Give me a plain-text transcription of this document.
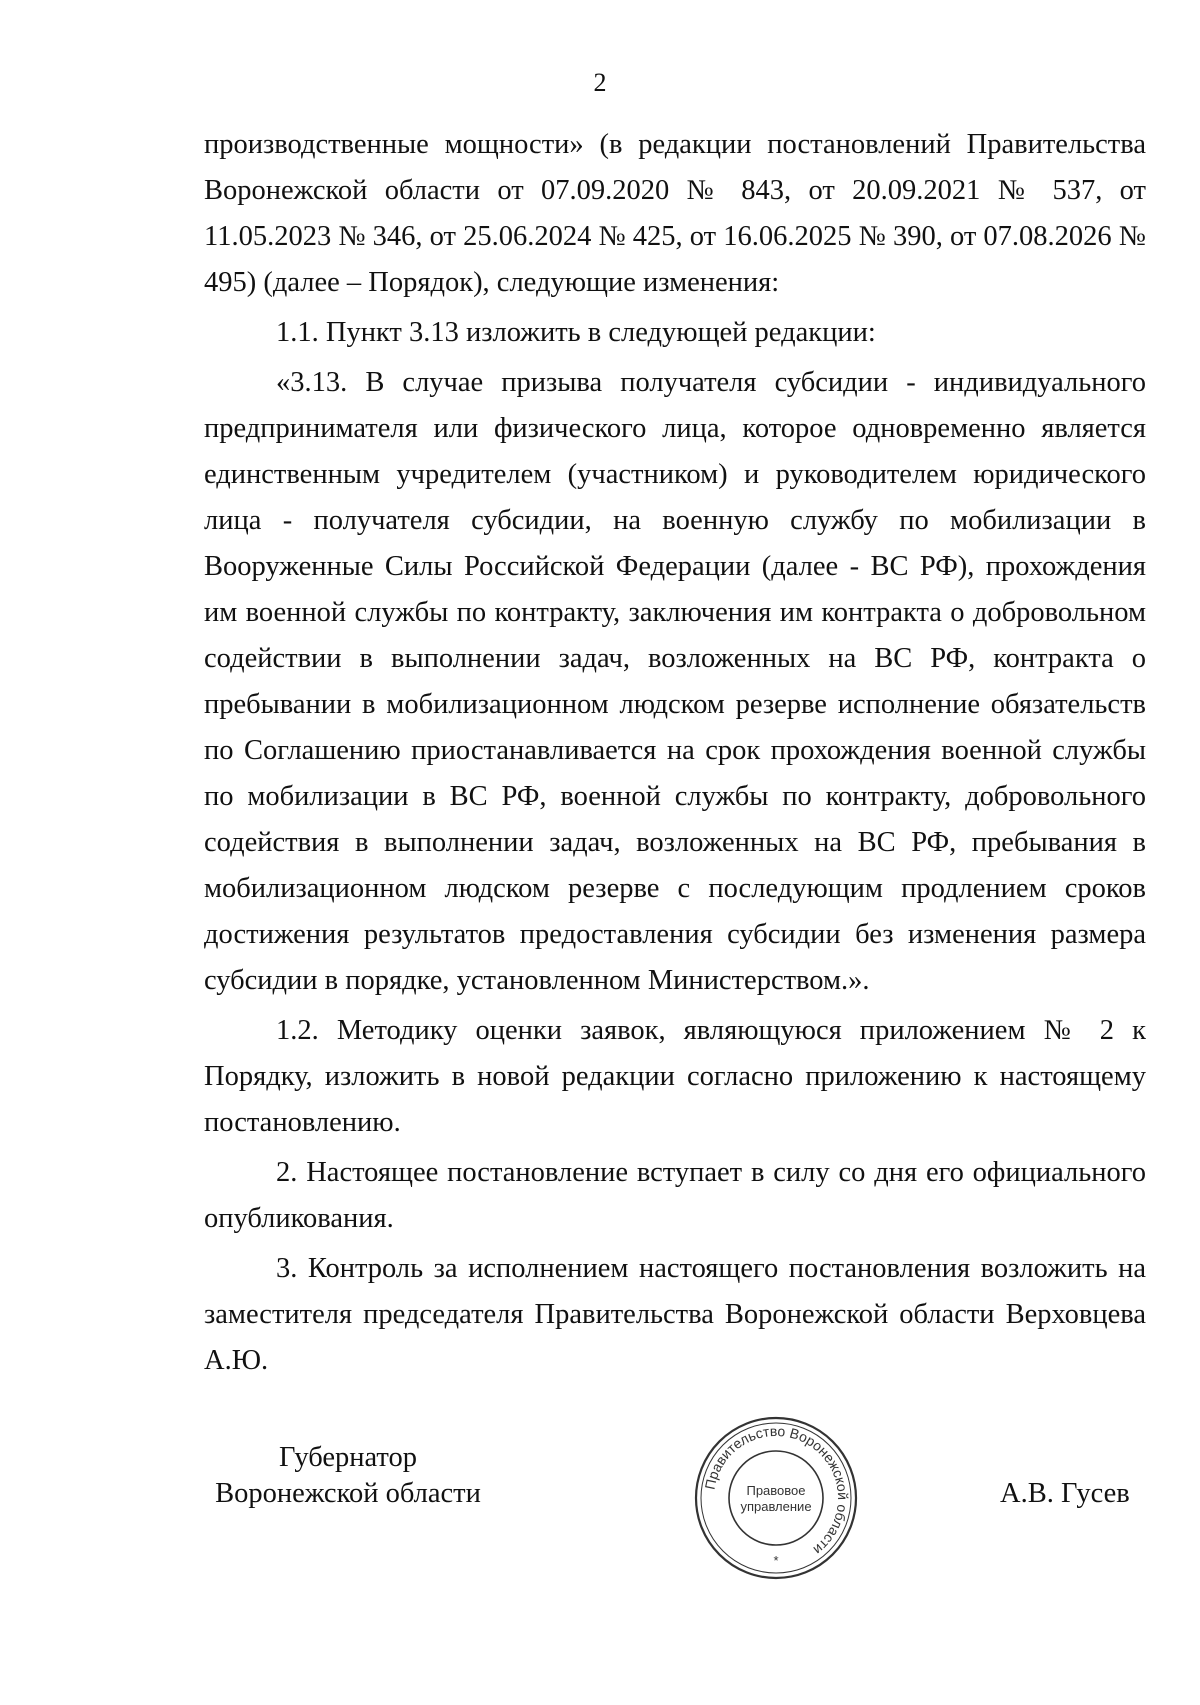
2

производственные мощности» (в редакции постановлений Правительства Воронежской области от 07.09.2020 № 843, от 20.09.2021 № 537, от 11.05.2023 № 346, от 25.06.2024 № 425, от 16.06.2025 № 390, от 07.08.2026 № 495) (далее – Порядок), следующие изменения:

1.1. Пункт 3.13 изложить в следующей редакции:

«3.13. В случае призыва получателя субсидии - индивидуального предпринимателя или физического лица, которое одновременно является единственным учредителем (участником) и руководителем юридического лица - получателя субсидии, на военную службу по мобилизации в Вооруженные Силы Российской Федерации (далее - ВС РФ), прохождения им военной службы по контракту, заключения им контракта о добровольном содействии в выполнении задач, возложенных на ВС РФ, контракта о пребывании в мобилизационном людском резерве исполнение обязательств по Соглашению приостанавливается на срок прохождения военной службы по мобилизации в ВС РФ, военной службы по контракту, добровольного содействия в выполнении задач, возложенных на ВС РФ, пребывания в мобилизационном людском резерве с последующим продлением сроков достижения результатов предоставления субсидии без изменения размера субсидии в порядке, установленном Министерством.».

1.2. Методику оценки заявок, являющуюся приложением № 2 к Порядку, изложить в новой редакции согласно приложению к настоящему постановлению.

2. Настоящее постановление вступает в силу со дня его официального опубликования.

3. Контроль за исполнением настоящего постановления возложить на заместителя председателя Правительства Воронежской области Верховцева А.Ю.

Губернатор
Воронежской области	Правительство Воронежской области
Правовое
управление
*
А.В. Гусев
